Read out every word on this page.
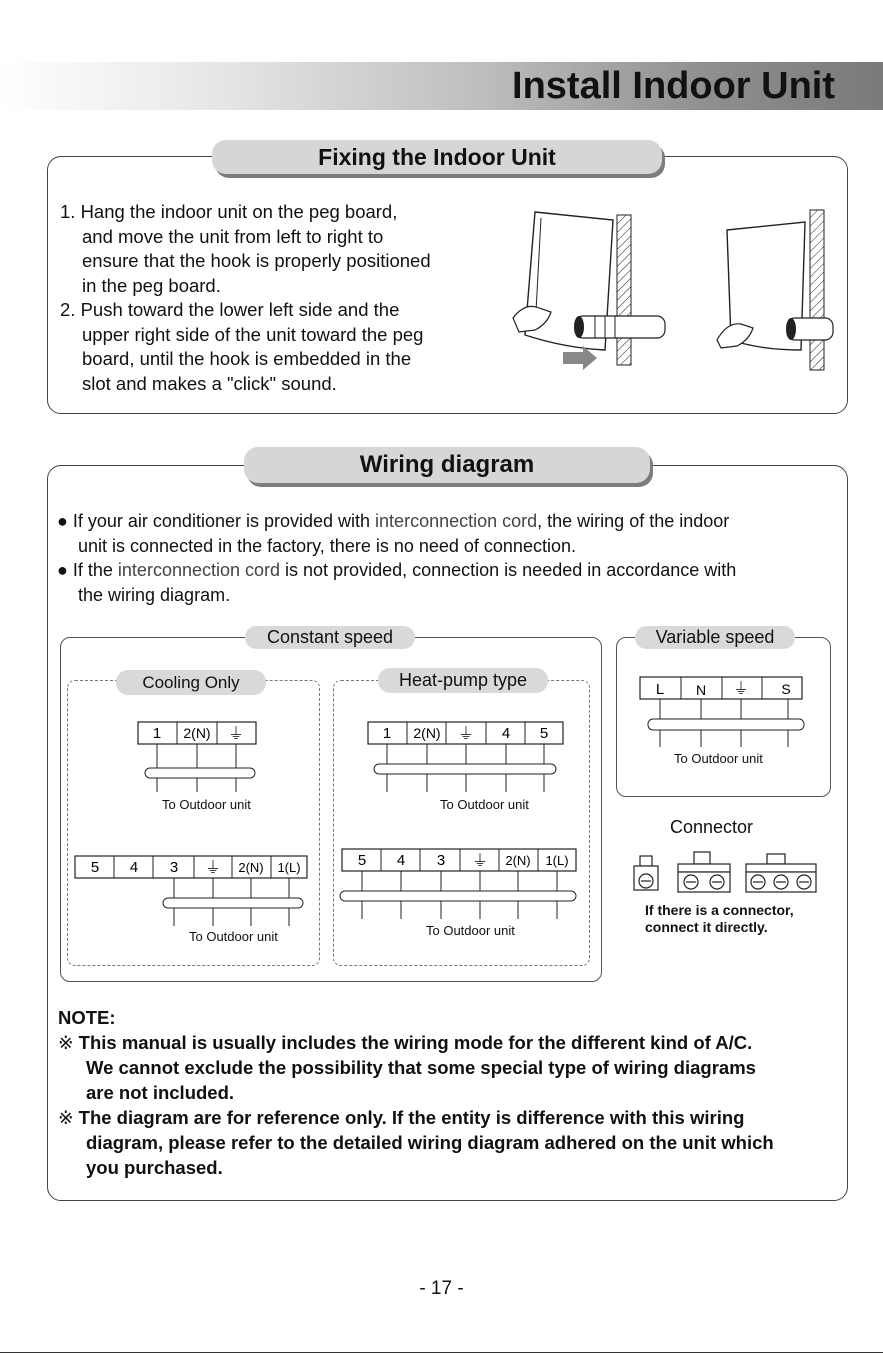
Install Indoor Unit
Fixing the Indoor Unit
1. Hang the indoor unit on the peg board,
and move the unit from left to right to
ensure that the hook is properly positioned
in the peg board.
2. Push toward the lower left side and the
upper right side of the unit toward the peg
board, until the hook is embedded in the
slot and makes a "click" sound.
Wiring diagram
● If your air conditioner is provided with interconnection cord, the wiring of the indoor
unit is connected in the factory, there is no need of connection.
● If the interconnection cord is not provided, connection is needed in accordance with
the wiring diagram.
Constant speed
Cooling Only	Heat-pump type
1 2(N) ⏚
To Outdoor unit
5 4 3 ⏚ 2(N) 1(L)
To Outdoor unit
1 2(N) ⏚ 4 5
To Outdoor unit
5 4 3 ⏚ 2(N) 1(L)
To Outdoor unit
Variable speed
L N ⏚ S
To Outdoor unit
Connector
If there is a connector,
connect it directly.
NOTE:
※ This manual is usually includes the wiring mode for the different kind of A/C.
We cannot exclude the possibility that some special type of wiring diagrams
are not included.
※ The diagram are for reference only. If the entity is difference with this wiring
diagram, please refer to the detailed wiring diagram adhered on the unit which
you purchased.
- 17 -
